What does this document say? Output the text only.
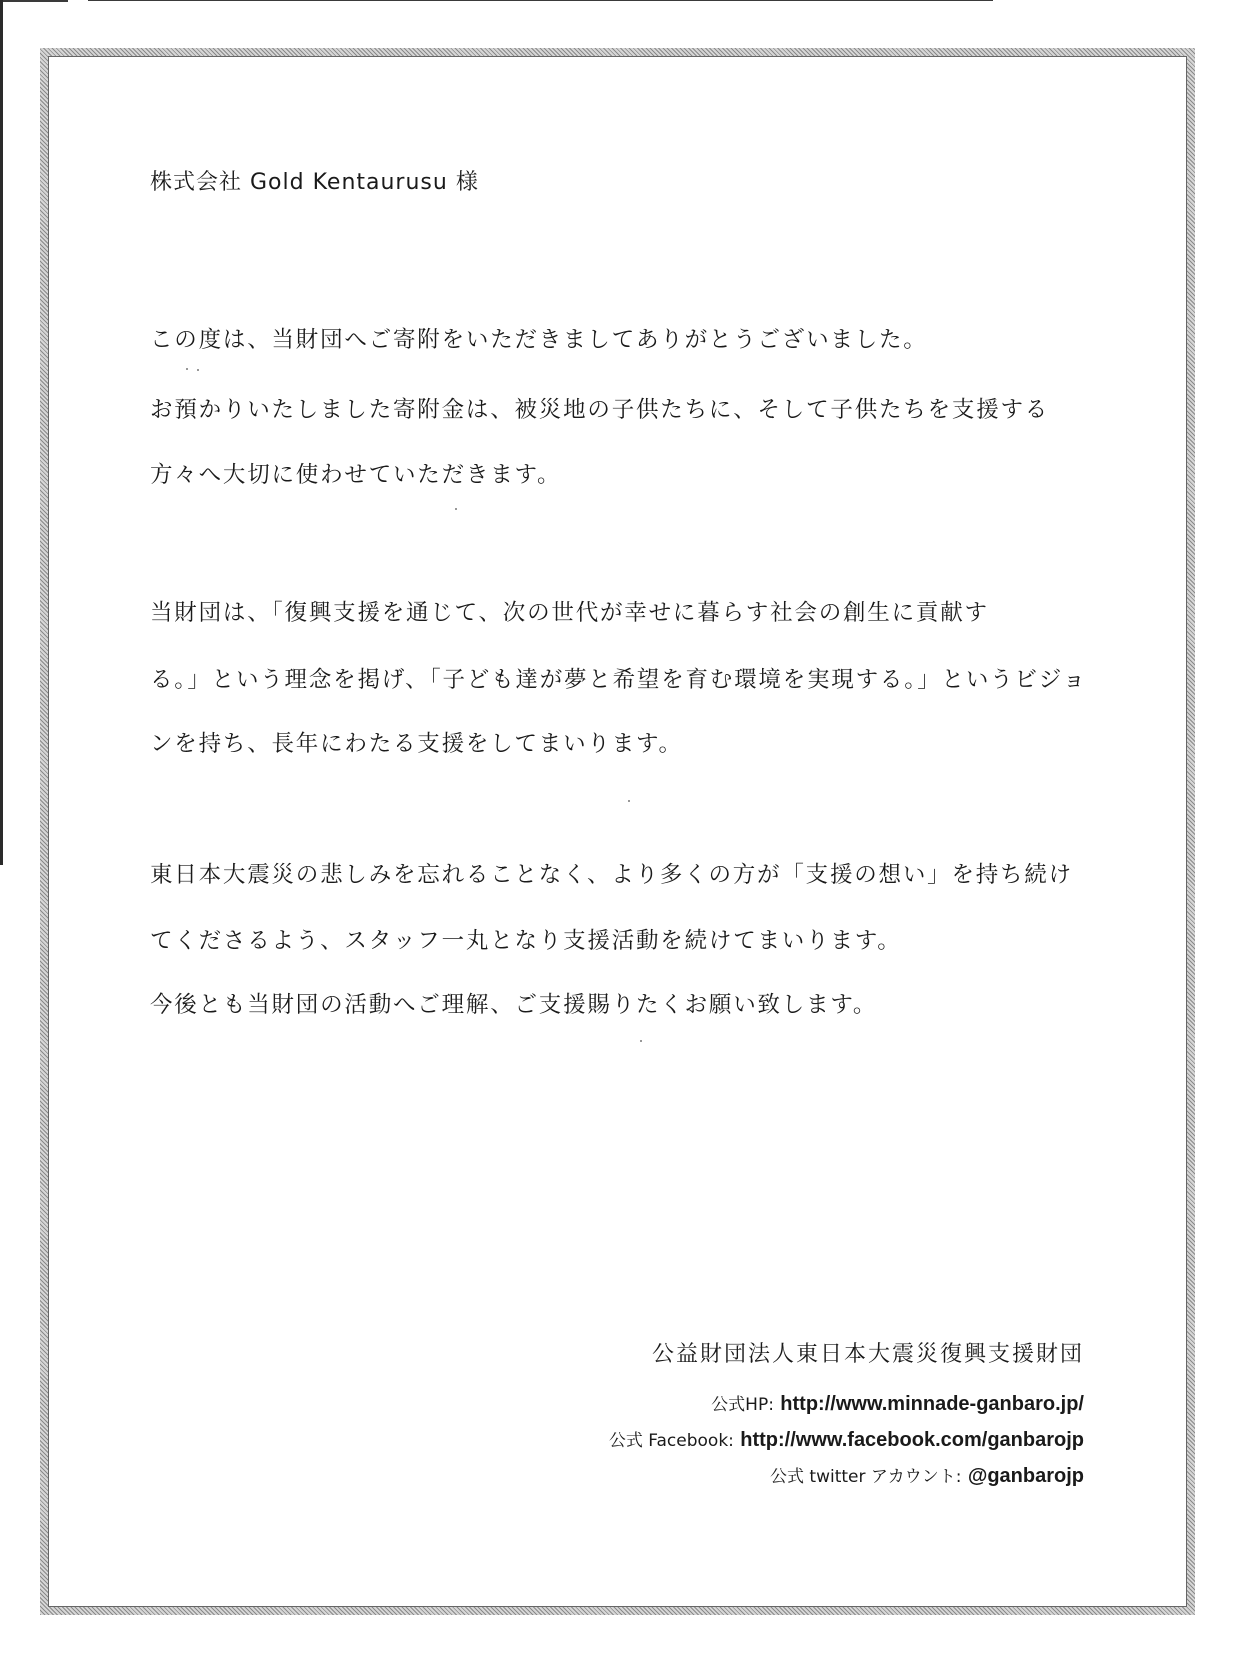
株式会社 Gold Kentaurusu 様
この度は、当財団へご寄附をいただきましてありがとうございました。
お預かりいたしました寄附金は、被災地の子供たちに、そして子供たちを支援する
方々へ大切に使わせていただきます。
当財団は、「復興支援を通じて、次の世代が幸せに暮らす社会の創生に貢献す
る。」という理念を掲げ、「子ども達が夢と希望を育む環境を実現する。」というビジョ
ンを持ち、長年にわたる支援をしてまいります。
東日本大震災の悲しみを忘れることなく、より多くの方が「支援の想い」を持ち続け
てくださるよう、スタッフ一丸となり支援活動を続けてまいります。
今後とも当財団の活動へご理解、ご支援賜りたくお願い致します。
公益財団法人東日本大震災復興支援財団
公式HP: http://www.minnade-ganbaro.jp/
公式 Facebook: http://www.facebook.com/ganbarojp
公式 twitter アカウント: @ganbarojp
